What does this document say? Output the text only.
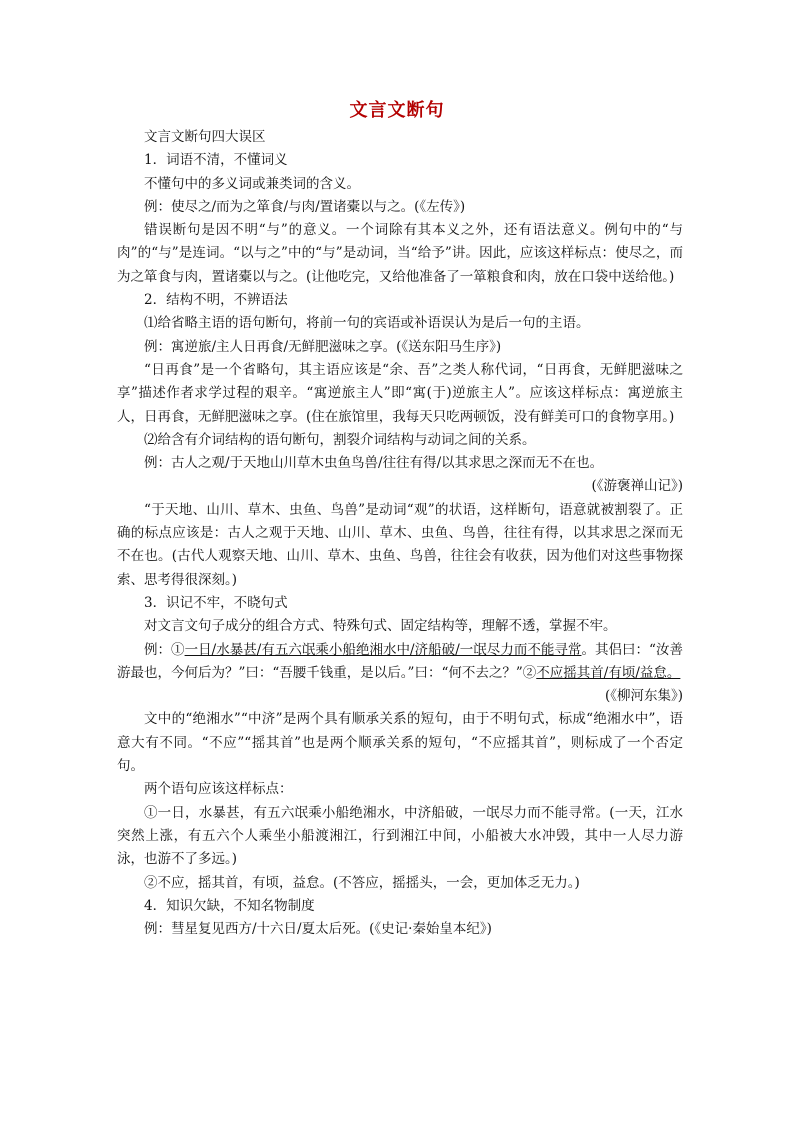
文言文断句

文言文断句四大误区

1．词语不清，不懂词义

不懂句中的多义词或兼类词的含义。

例：使尽之/而为之箪食/与肉/置诸橐以与之。(《左传》)

错误断句是因不明“与”的意义。一个词除有其本义之外，还有语法意义。例句中的“与肉”的“与”是连词。“以与之”中的“与”是动词，当“给予”讲。因此，应该这样标点：使尽之，而为之箪食与肉，置诸橐以与之。(让他吃完，又给他准备了一箪粮食和肉，放在口袋中送给他。)

2．结构不明，不辨语法

⑴给省略主语的语句断句，将前一句的宾语或补语误认为是后一句的主语。

例：寓逆旅/主人日再食/无鲜肥滋味之享。(《送东阳马生序》)

“日再食”是一个省略句，其主语应该是“余、吾”之类人称代词，“日再食，无鲜肥滋味之享”描述作者求学过程的艰辛。“寓逆旅主人”即“寓(于)逆旅主人”。应该这样标点：寓逆旅主人，日再食，无鲜肥滋味之享。(住在旅馆里，我每天只吃两顿饭，没有鲜美可口的食物享用。)

⑵给含有介词结构的语句断句，割裂介词结构与动词之间的关系。

例：古人之观/于天地山川草木虫鱼鸟兽/往往有得/以其求思之深而无不在也。

(《游褒禅山记》)

“于天地、山川、草木、虫鱼、鸟兽”是动词“观”的状语，这样断句，语意就被割裂了。正确的标点应该是：古人之观于天地、山川、草木、虫鱼、鸟兽，往往有得，以其求思之深而无不在也。(古代人观察天地、山川、草木、虫鱼、鸟兽，往往会有收获，因为他们对这些事物探索、思考得很深刻。)

3．识记不牢，不晓句式

对文言文句子成分的组合方式、特殊句式、固定结构等，理解不透，掌握不牢。

例：①一日/水暴甚/有五六氓乘小船绝湘水中/济船破/一氓尽力而不能寻常。其侣曰：“汝善游最也，今何后为？”曰：“吾腰千钱重，是以后。”曰：“何不去之？”②不应摇其首/有顷/益怠。

(《柳河东集》)

文中的“绝湘水”“中济”是两个具有顺承关系的短句，由于不明句式，标成“绝湘水中”，语意大有不同。“不应”“摇其首”也是两个顺承关系的短句，“不应摇其首”，则标成了一个否定句。

两个语句应该这样标点：

①一日，水暴甚，有五六氓乘小船绝湘水，中济船破，一氓尽力而不能寻常。(一天，江水突然上涨，有五六个人乘坐小船渡湘江，行到湘江中间，小船被大水冲毁，其中一人尽力游泳，也游不了多远。)

②不应，摇其首，有顷，益怠。(不答应，摇摇头，一会，更加体乏无力。)

4．知识欠缺，不知名物制度

例：彗星复见西方/十六日/夏太后死。(《史记·秦始皇本纪》)
